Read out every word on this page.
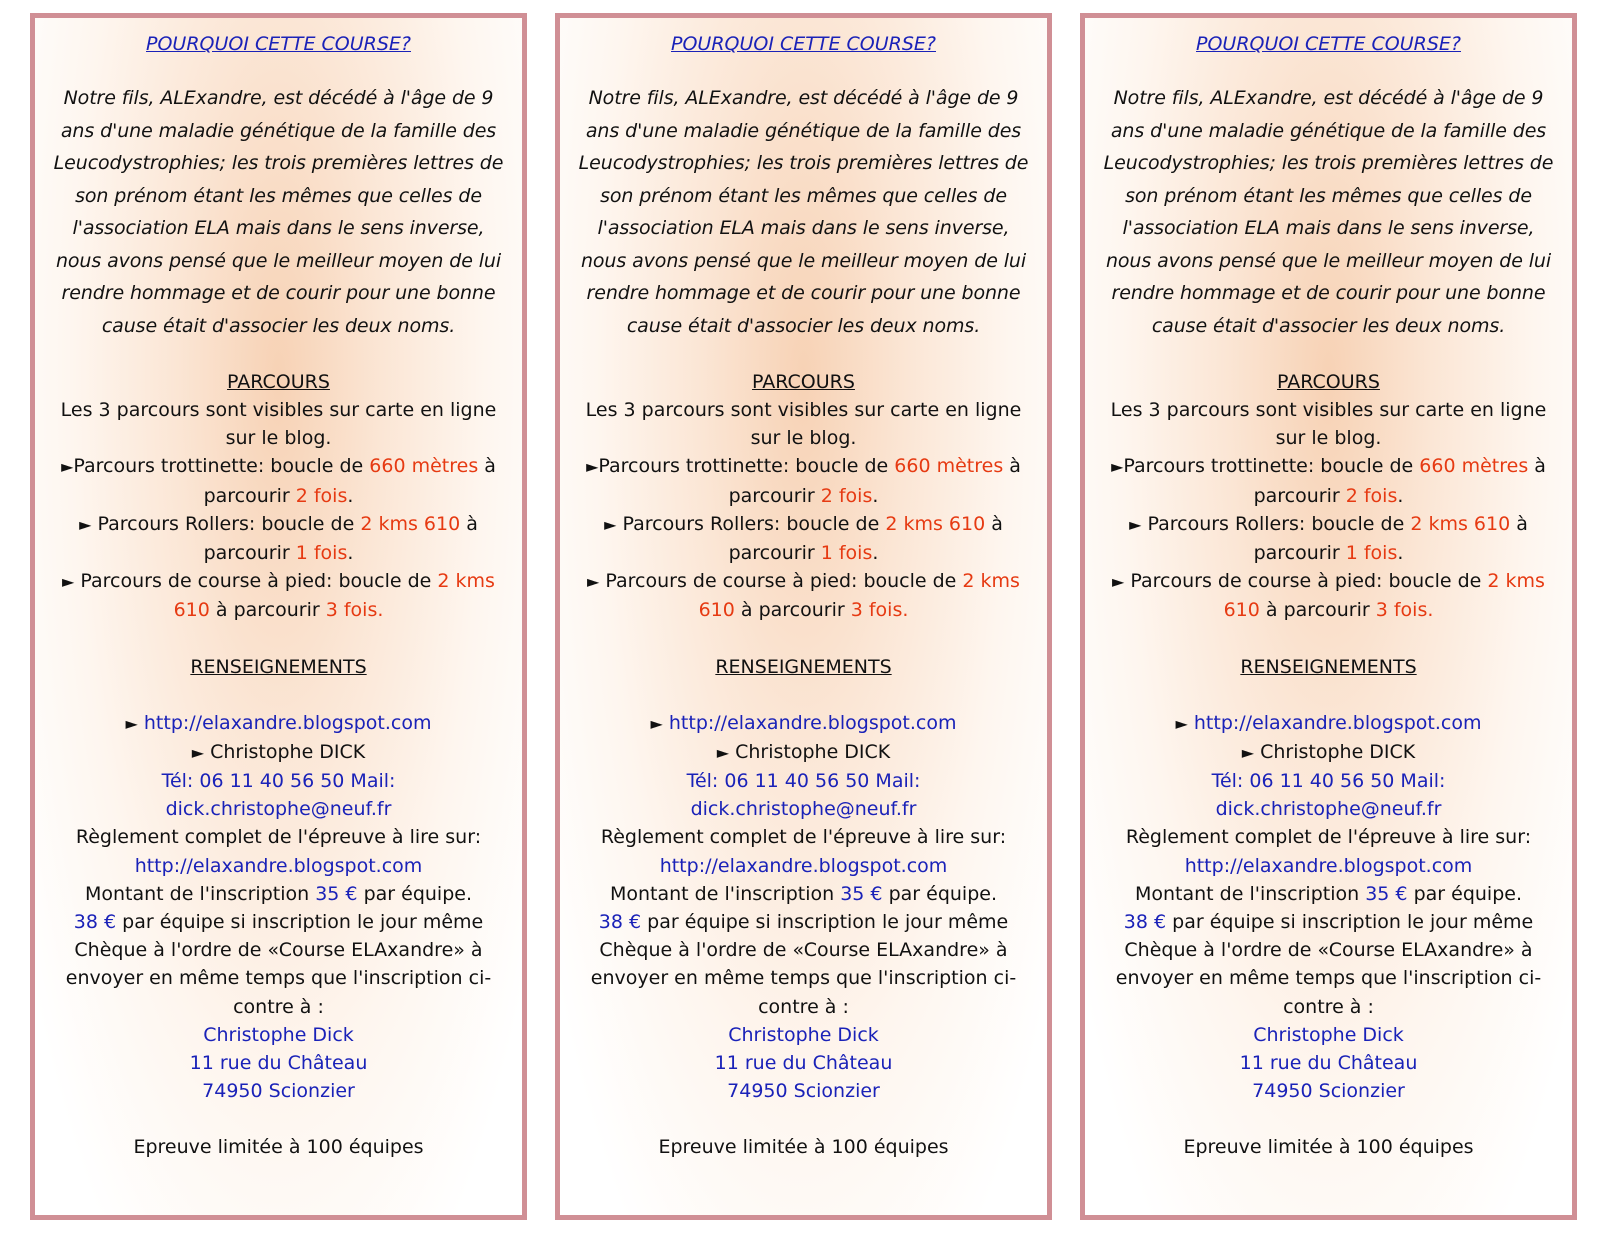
POURQUOI CETTE COURSE?

Notre fils, ALExandre, est décédé à l'âge de 9 ans d'une maladie génétique de la famille des Leucodystrophies; les trois premières lettres de son prénom étant les mêmes que celles de l'association ELA mais dans le sens inverse, nous avons pensé que le meilleur moyen de lui rendre hommage et de courir pour une bonne cause était d'associer les deux noms.

PARCOURS

Les 3 parcours sont visibles sur carte en ligne sur le blog.

►Parcours trottinette: boucle de 660 mètres à parcourir 2 fois.

► Parcours Rollers: boucle de 2 kms 610 à parcourir 1 fois.

► Parcours de course à pied: boucle de 2 kms 610 à parcourir 3 fois.

RENSEIGNEMENTS

► http://elaxandre.blogspot.com

► Christophe DICK

Tél: 06 11 40 56 50 Mail:

dick.christophe@neuf.fr

Règlement complet de l'épreuve à lire sur:

http://elaxandre.blogspot.com

Montant de l'inscription 35 € par équipe.

38 € par équipe si inscription le jour même

Chèque à l'ordre de «Course ELAxandre» à envoyer en même temps que l'inscription ci-contre à :

Christophe Dick

11 rue du Château

74950 Scionzier

Epreuve limitée à 100 équipes

POURQUOI CETTE COURSE?

Notre fils, ALExandre, est décédé à l'âge de 9 ans d'une maladie génétique de la famille des Leucodystrophies; les trois premières lettres de son prénom étant les mêmes que celles de l'association ELA mais dans le sens inverse, nous avons pensé que le meilleur moyen de lui rendre hommage et de courir pour une bonne cause était d'associer les deux noms.

PARCOURS

Les 3 parcours sont visibles sur carte en ligne sur le blog.

►Parcours trottinette: boucle de 660 mètres à parcourir 2 fois.

► Parcours Rollers: boucle de 2 kms 610 à parcourir 1 fois.

► Parcours de course à pied: boucle de 2 kms 610 à parcourir 3 fois.

RENSEIGNEMENTS

► http://elaxandre.blogspot.com

► Christophe DICK

Tél: 06 11 40 56 50 Mail:

dick.christophe@neuf.fr

Règlement complet de l'épreuve à lire sur:

http://elaxandre.blogspot.com

Montant de l'inscription 35 € par équipe.

38 € par équipe si inscription le jour même

Chèque à l'ordre de «Course ELAxandre» à envoyer en même temps que l'inscription ci-contre à :

Christophe Dick

11 rue du Château

74950 Scionzier

Epreuve limitée à 100 équipes

POURQUOI CETTE COURSE?

Notre fils, ALExandre, est décédé à l'âge de 9 ans d'une maladie génétique de la famille des Leucodystrophies; les trois premières lettres de son prénom étant les mêmes que celles de l'association ELA mais dans le sens inverse, nous avons pensé que le meilleur moyen de lui rendre hommage et de courir pour une bonne cause était d'associer les deux noms.

PARCOURS

Les 3 parcours sont visibles sur carte en ligne sur le blog.

►Parcours trottinette: boucle de 660 mètres à parcourir 2 fois.

► Parcours Rollers: boucle de 2 kms 610 à parcourir 1 fois.

► Parcours de course à pied: boucle de 2 kms 610 à parcourir 3 fois.

RENSEIGNEMENTS

► http://elaxandre.blogspot.com

► Christophe DICK

Tél: 06 11 40 56 50 Mail:

dick.christophe@neuf.fr

Règlement complet de l'épreuve à lire sur:

http://elaxandre.blogspot.com

Montant de l'inscription 35 € par équipe.

38 € par équipe si inscription le jour même

Chèque à l'ordre de «Course ELAxandre» à envoyer en même temps que l'inscription ci-contre à :

Christophe Dick

11 rue du Château

74950 Scionzier

Epreuve limitée à 100 équipes
